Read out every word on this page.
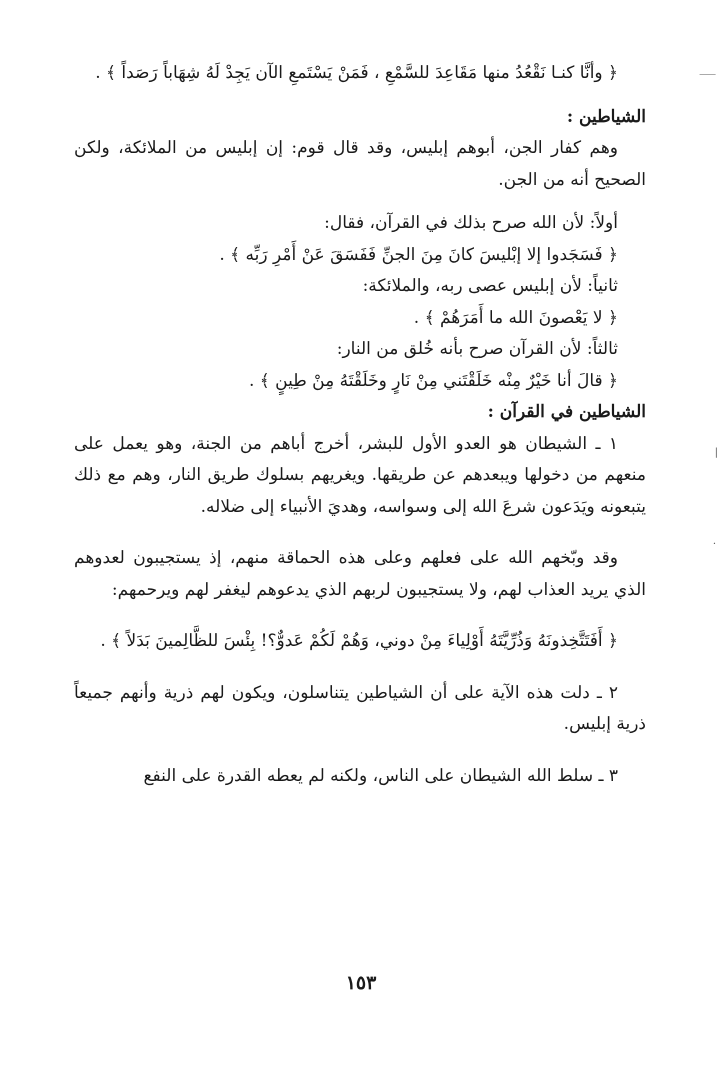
﴿ وأنَّا كنـا نَقْعُدُ منها مَقَاعِدَ للسَّمْعِ ، فَمَنْ يَسْتَمعِ الآن يَجِدْ لَهُ شِهَاباً رَصَداً ﴾ .

الشياطين :

وهم كفار الجن، أبوهم إبليس، وقد قال قوم: إن إبليس من الملائكة، ولكن الصحيح أنه من الجن.

أولاً: لأن الله صرح بذلك في القرآن، فقال:

﴿ فَسَجَدوا إلا إبْليسَ كانَ مِنَ الجنِّ فَفَسَقَ عَنْ أَمْرِ رَبِّه ﴾ .

ثانياً: لأن إبليس عصى ربه، والملائكة:

﴿ لا يَعْصونَ الله ما أَمَرَهُمْ ﴾ .

ثالثاً: لأن القرآن صرح بأنه خُلق من النار:

﴿ قالَ أنا خَيْرٌ مِنْه خَلَقْتَني مِنْ نَارٍ وخَلَقْتَهُ مِنْ طِينٍ ﴾ .

الشياطين في القرآن :

١ ـ الشيطان هو العدو الأول للبشر، أخرج أباهم من الجنة، وهو يعمل على منعهم من دخولها ويبعدهم عن طريقها. ويغريهم بسلوك طريق النار، وهم مع ذلك يتبعونه ويَدَعون شرعَ الله إلى وسواسه، وهديَ الأنبياء إلى ضلاله.

وقد وبّخهم الله على فعلهم وعلى هذه الحماقة منهم، إذ يستجيبون لعدوهم الذي يريد العذاب لهم، ولا يستجيبون لربهم الذي يدعوهم ليغفر لهم ويرحمهم:

﴿ أَفَتَتَّخِذونَهُ وَذُرِّيَّتَهُ أَوْلِياءَ مِنْ دوني، وَهُمْ لَكُمْ عَدوٌّ؟! بِئْسَ للظَّالِمينَ بَدَلاً ﴾ .

٢ ـ دلت هذه الآية على أن الشياطين يتناسلون، ويكون لهم ذرية وأنهم جميعاً ذرية إبليس.

٣ ـ سلط الله الشيطان على الناس، ولكنه لم يعطه القدرة على النفع

١٥٣
⸺
|
·
